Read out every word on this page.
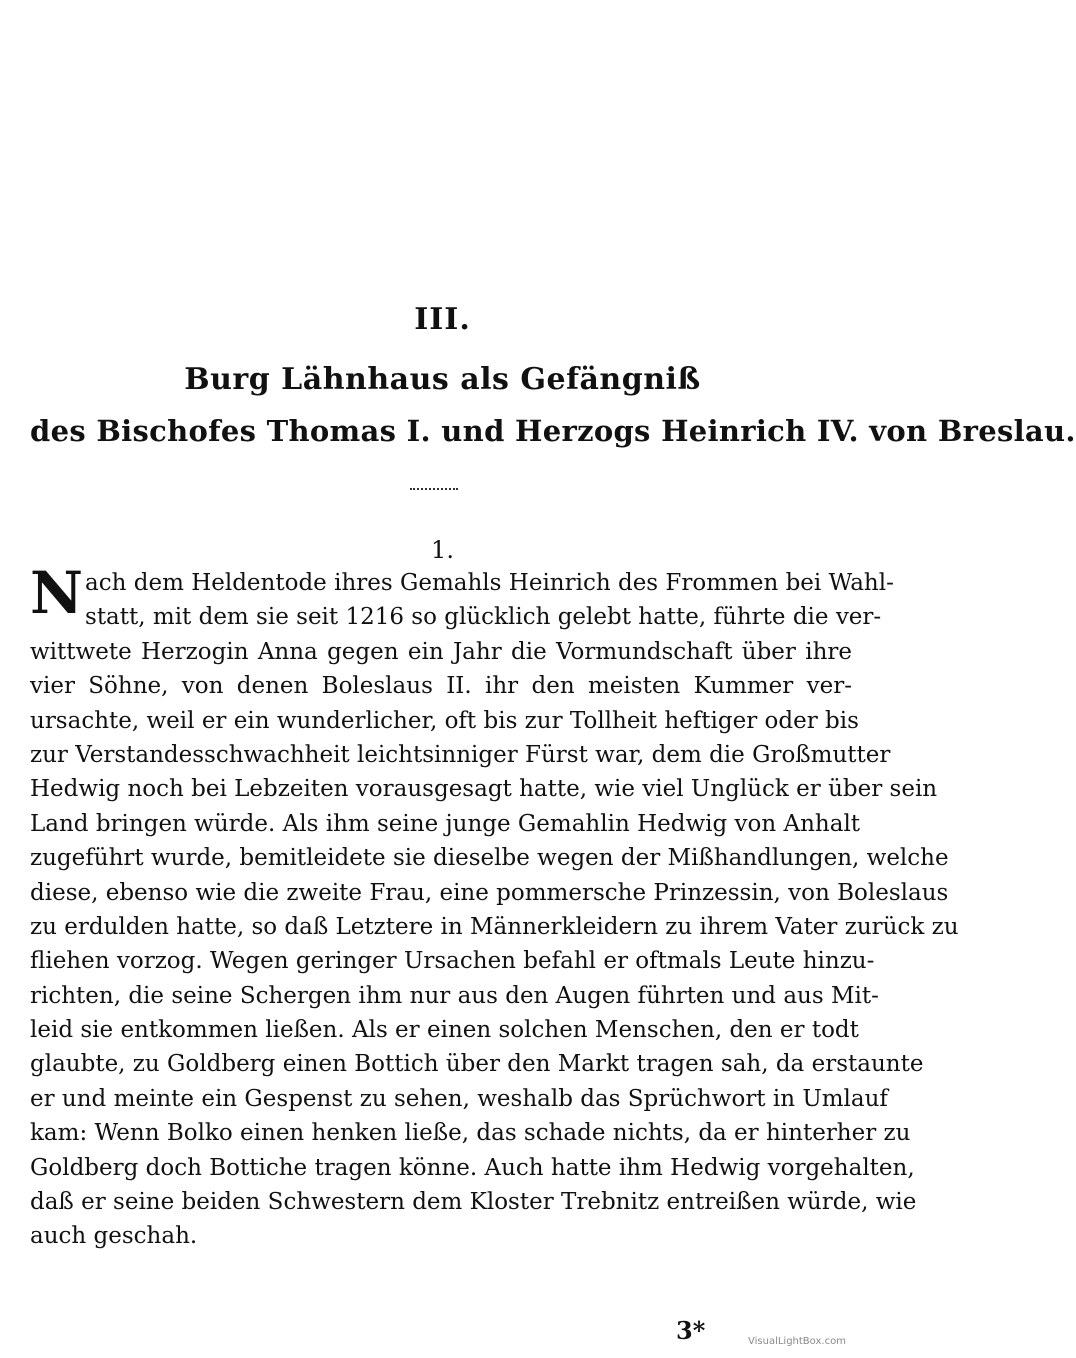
III.
Burg Lähnhaus als Gefängniß
des Bischofes Thomas I. und Herzogs Heinrich IV. von Breslau.
1.
N ach dem Heldentode ihres Gemahls Heinrich des Frommen bei Wahl-
statt, mit dem sie seit 1216 so glücklich gelebt hatte, führte die ver-
wittwete Herzogin Anna gegen ein Jahr die Vormundschaft über ihre
vier Söhne, von denen Boleslaus II. ihr den meisten Kummer ver-
ursachte, weil er ein wunderlicher, oft bis zur Tollheit heftiger oder bis
zur Verstandesschwachheit leichtsinniger Fürst war, dem die Großmutter
Hedwig noch bei Lebzeiten vorausgesagt hatte, wie viel Unglück er über sein
Land bringen würde. Als ihm seine junge Gemahlin Hedwig von Anhalt
zugeführt wurde, bemitleidete sie dieselbe wegen der Mißhandlungen, welche
diese, ebenso wie die zweite Frau, eine pommersche Prinzessin, von Boleslaus
zu erdulden hatte, so daß Letztere in Männerkleidern zu ihrem Vater zurück zu
fliehen vorzog. Wegen geringer Ursachen befahl er oftmals Leute hinzu-
richten, die seine Schergen ihm nur aus den Augen führten und aus Mit-
leid sie entkommen ließen. Als er einen solchen Menschen, den er todt
glaubte, zu Goldberg einen Bottich über den Markt tragen sah, da erstaunte
er und meinte ein Gespenst zu sehen, weshalb das Sprüchwort in Umlauf
kam: Wenn Bolko einen henken ließe, das schade nichts, da er hinterher zu
Goldberg doch Bottiche tragen könne. Auch hatte ihm Hedwig vorgehalten,
daß er seine beiden Schwestern dem Kloster Trebnitz entreißen würde, wie
auch geschah.
3*	VisualLightBox.com
